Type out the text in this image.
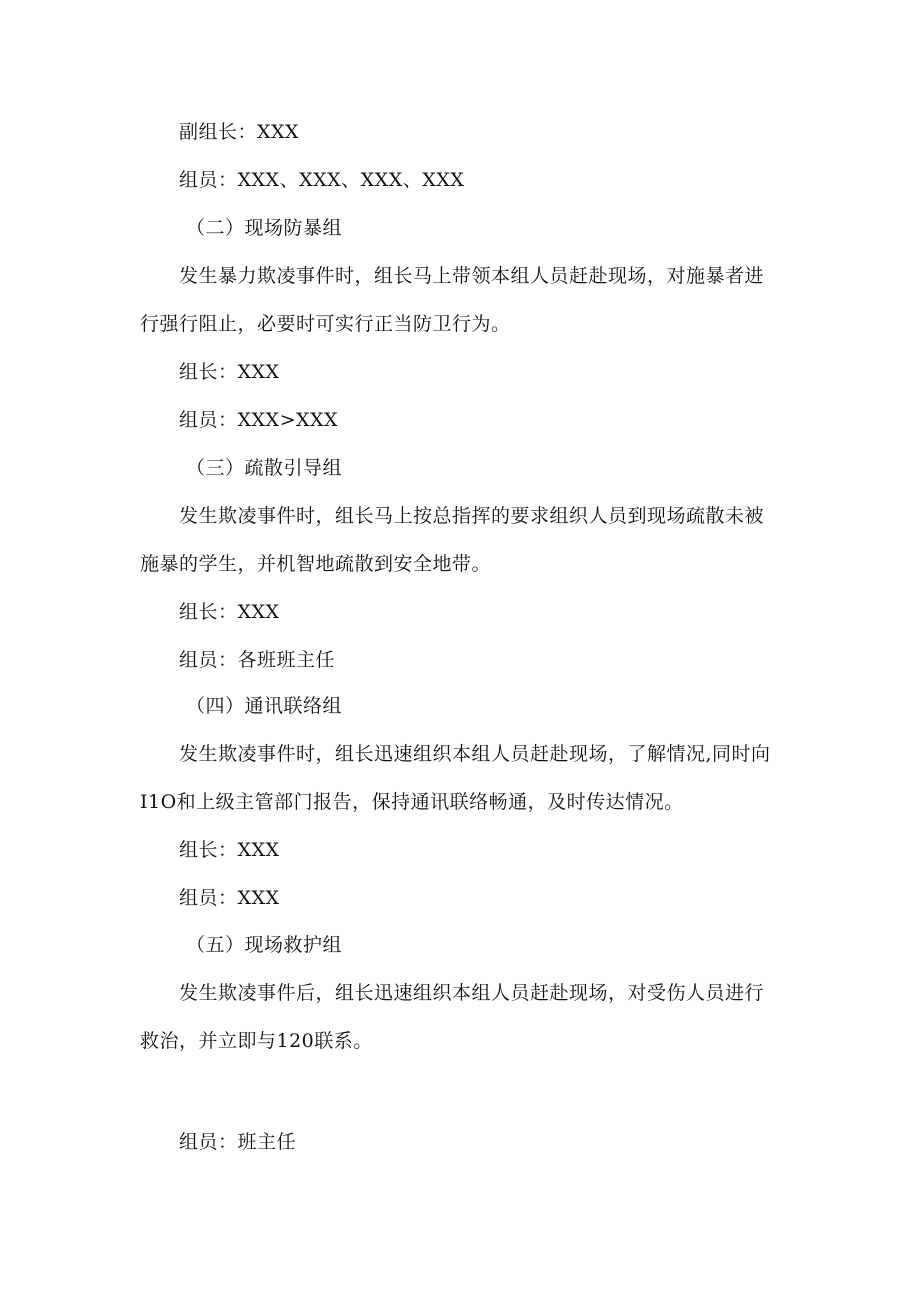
副组长：XXX
组员：XXX、XXX、XXX、XXX
（二）现场防暴组
发生暴力欺凌事件时，组长马上带领本组人员赶赴现场，对施暴者进
行强行阻止，必要时可实行正当防卫行为。
组长：XXX
组员：XXX>XXX
（三）疏散引导组
发生欺凌事件时，组长马上按总指挥的要求组织人员到现场疏散未被
施暴的学生，并机智地疏散到安全地带。
组长：XXX
组员：各班班主任
（四）通讯联络组
发生欺凌事件时，组长迅速组织本组人员赶赴现场，了解情况,同时向
I1O和上级主管部门报告，保持通讯联络畅通，及时传达情况。
组长：XXX
组员：XXX
（五）现场救护组
发生欺凌事件后，组长迅速组织本组人员赶赴现场，对受伤人员进行
救治，并立即与120联系。
组员：班主任
